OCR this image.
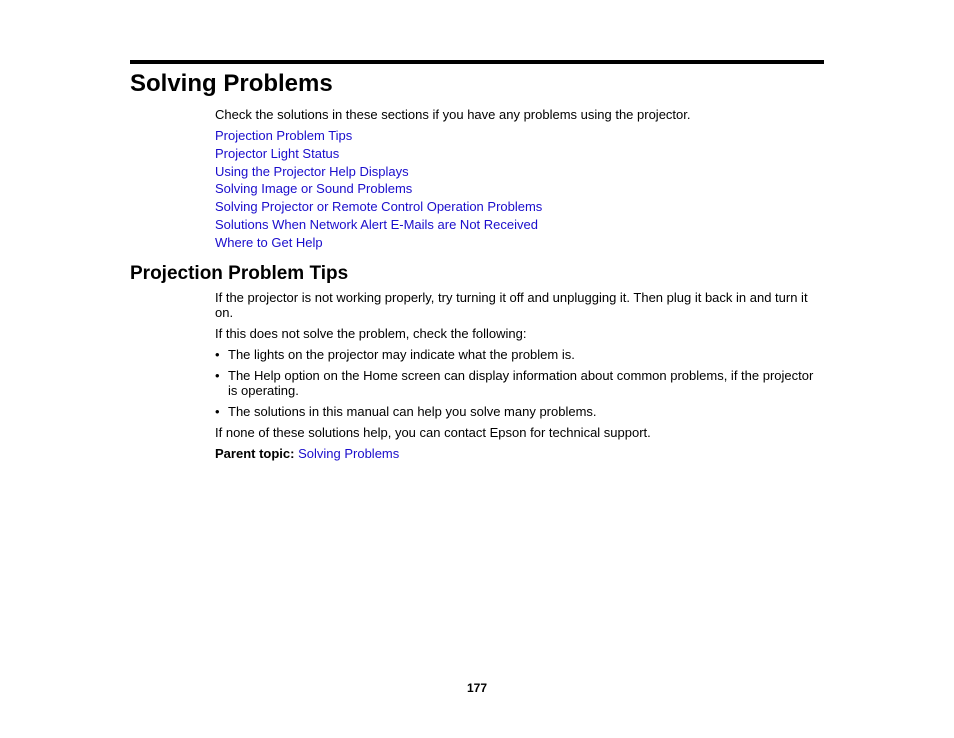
Solving Problems

Check the solutions in these sections if you have any problems using the projector.

Projection Problem Tips
Projector Light Status
Using the Projector Help Displays
Solving Image or Sound Problems
Solving Projector or Remote Control Operation Problems
Solutions When Network Alert E-Mails are Not Received
Where to Get Help
Projection Problem Tips

If the projector is not working properly, try turning it off and unplugging it. Then plug it back in and turn it on.

If this does not solve the problem, check the following:

• The lights on the projector may indicate what the problem is.

• The Help option on the Home screen can display information about common problems, if the projector is operating.

• The solutions in this manual can help you solve many problems.

If none of these solutions help, you can contact Epson for technical support.

Parent topic: Solving Problems

177
